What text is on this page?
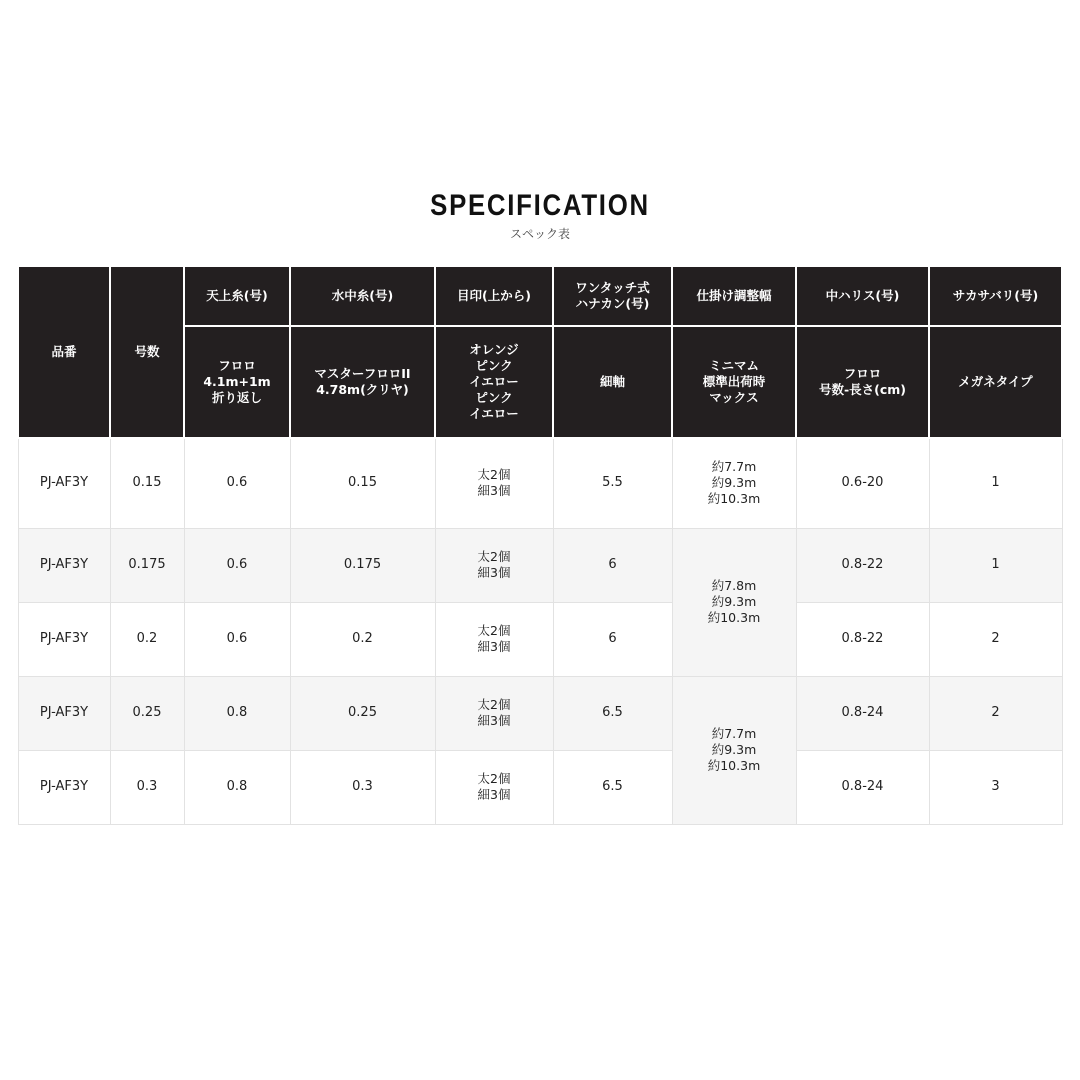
SPECIFICATION
スペック表
品番	号数	天上糸(号)	水中糸(号)	目印(上から)	ワンタッチ式
ハナカン(号)	仕掛け調整幅	中ハリス(号)	サカサバリ(号)
		フロロ
4.1m+1m
折り返し	マスターフロロII
4.78m(クリヤ)	オレンジ
ピンク
イエロー
ピンク
イエロー	細軸	ミニマム
標準出荷時
マックス	フロロ
号数-長さ(cm)	メガネタイプ
PJ-AF3Y	0.15	0.6	0.15	太2個
細3個	5.5	約7.7m
約9.3m
約10.3m	0.6-20	1
PJ-AF3Y	0.175	0.6	0.175	太2個
細3個	6	約7.8m
約9.3m
約10.3m	0.8-22	1
PJ-AF3Y	0.2	0.6	0.2	太2個
細3個	6		0.8-22	2
PJ-AF3Y	0.25	0.8	0.25	太2個
細3個	6.5	約7.7m
約9.3m
約10.3m	0.8-24	2
PJ-AF3Y	0.3	0.8	0.3	太2個
細3個	6.5		0.8-24	3
